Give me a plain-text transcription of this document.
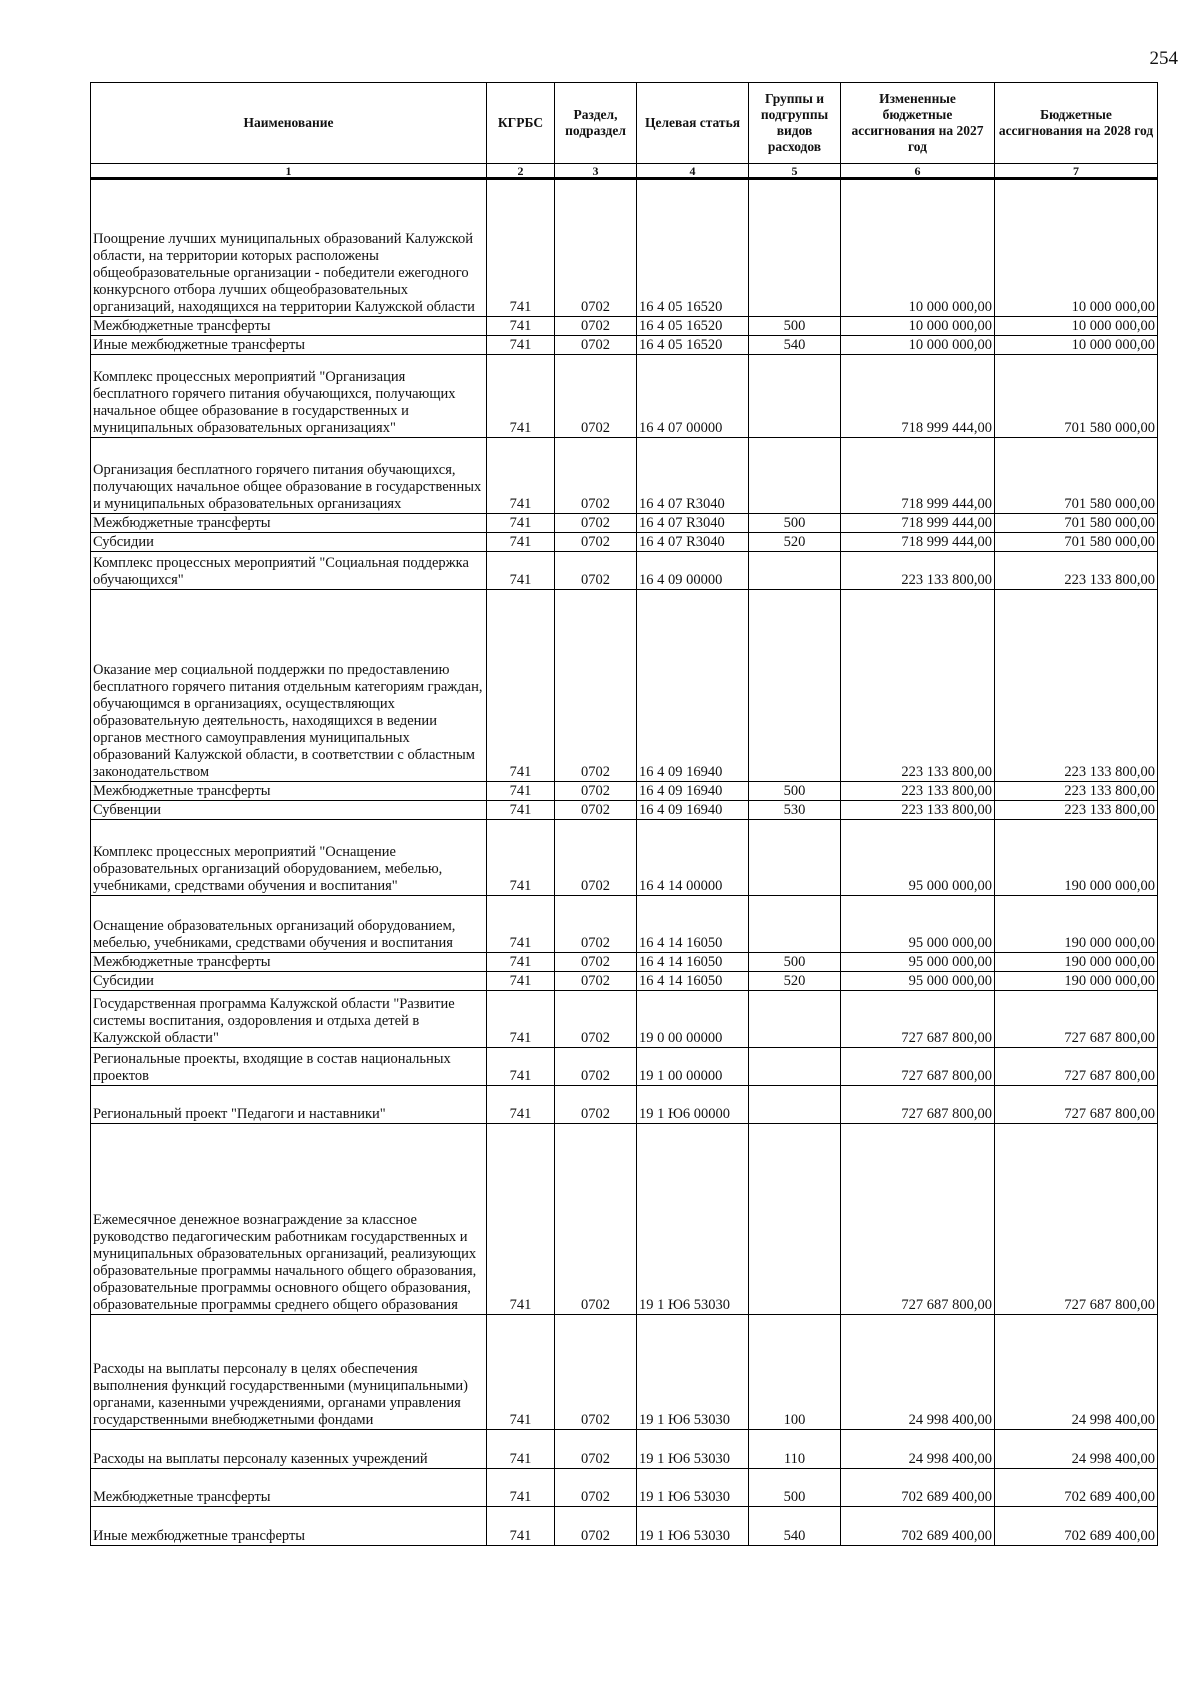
254
Наименование	КГРБС	Раздел, подраздел	Целевая статья	Группы и подгруппы видов расходов	Измененные бюджетные ассигнования на 2027 год	Бюджетные ассигнования на 2028 год
1	2	3	4	5	6	7
Поощрение лучших муниципальных образований Калужской области, на территории которых расположены общеобразовательные организации - победители ежегодного конкурсного отбора лучших общеобразовательных организаций, находящихся на территории Калужской области	741	0702	16 4 05 16520		10 000 000,00	10 000 000,00
Межбюджетные трансферты	741	0702	16 4 05 16520	500	10 000 000,00	10 000 000,00
Иные межбюджетные трансферты	741	0702	16 4 05 16520	540	10 000 000,00	10 000 000,00
Комплекс процессных мероприятий "Организация бесплатного горячего питания обучающихся, получающих начальное общее образование в государственных и муниципальных образовательных организациях"	741	0702	16 4 07 00000		718 999 444,00	701 580 000,00
Организация бесплатного горячего питания обучающихся, получающих начальное общее образование в государственных и муниципальных образовательных организациях	741	0702	16 4 07 R3040		718 999 444,00	701 580 000,00
Межбюджетные трансферты	741	0702	16 4 07 R3040	500	718 999 444,00	701 580 000,00
Субсидии	741	0702	16 4 07 R3040	520	718 999 444,00	701 580 000,00
Комплекс процессных мероприятий "Социальная поддержка обучающихся"	741	0702	16 4 09 00000		223 133 800,00	223 133 800,00
Оказание мер социальной поддержки по предоставлению бесплатного горячего питания отдельным категориям граждан, обучающимся в организациях, осуществляющих образовательную деятельность, находящихся в ведении органов местного самоуправления муниципальных образований Калужской области, в соответствии с областным законодательством	741	0702	16 4 09 16940		223 133 800,00	223 133 800,00
Межбюджетные трансферты	741	0702	16 4 09 16940	500	223 133 800,00	223 133 800,00
Субвенции	741	0702	16 4 09 16940	530	223 133 800,00	223 133 800,00
Комплекс процессных мероприятий "Оснащение образовательных организаций оборудованием, мебелью, учебниками, средствами обучения и воспитания"	741	0702	16 4 14 00000		95 000 000,00	190 000 000,00
Оснащение образовательных организаций оборудованием, мебелью, учебниками, средствами обучения и воспитания	741	0702	16 4 14 16050		95 000 000,00	190 000 000,00
Межбюджетные трансферты	741	0702	16 4 14 16050	500	95 000 000,00	190 000 000,00
Субсидии	741	0702	16 4 14 16050	520	95 000 000,00	190 000 000,00
Государственная программа Калужской области "Развитие системы воспитания, оздоровления и отдыха детей в Калужской области"	741	0702	19 0 00 00000		727 687 800,00	727 687 800,00
Региональные проекты, входящие в состав национальных проектов	741	0702	19 1 00 00000		727 687 800,00	727 687 800,00
Региональный проект "Педагоги и наставники"	741	0702	19 1 Ю6 00000		727 687 800,00	727 687 800,00
Ежемесячное денежное вознаграждение за классное руководство педагогическим работникам государственных и муниципальных образовательных организаций, реализующих образовательные программы начального общего образования, образовательные программы основного общего образования, образовательные программы среднего общего образования	741	0702	19 1 Ю6 53030		727 687 800,00	727 687 800,00
Расходы на выплаты персоналу в целях обеспечения выполнения функций государственными (муниципальными) органами, казенными учреждениями, органами управления государственными внебюджетными фондами	741	0702	19 1 Ю6 53030	100	24 998 400,00	24 998 400,00
Расходы на выплаты персоналу казенных учреждений	741	0702	19 1 Ю6 53030	110	24 998 400,00	24 998 400,00
Межбюджетные трансферты	741	0702	19 1 Ю6 53030	500	702 689 400,00	702 689 400,00
Иные межбюджетные трансферты	741	0702	19 1 Ю6 53030	540	702 689 400,00	702 689 400,00
